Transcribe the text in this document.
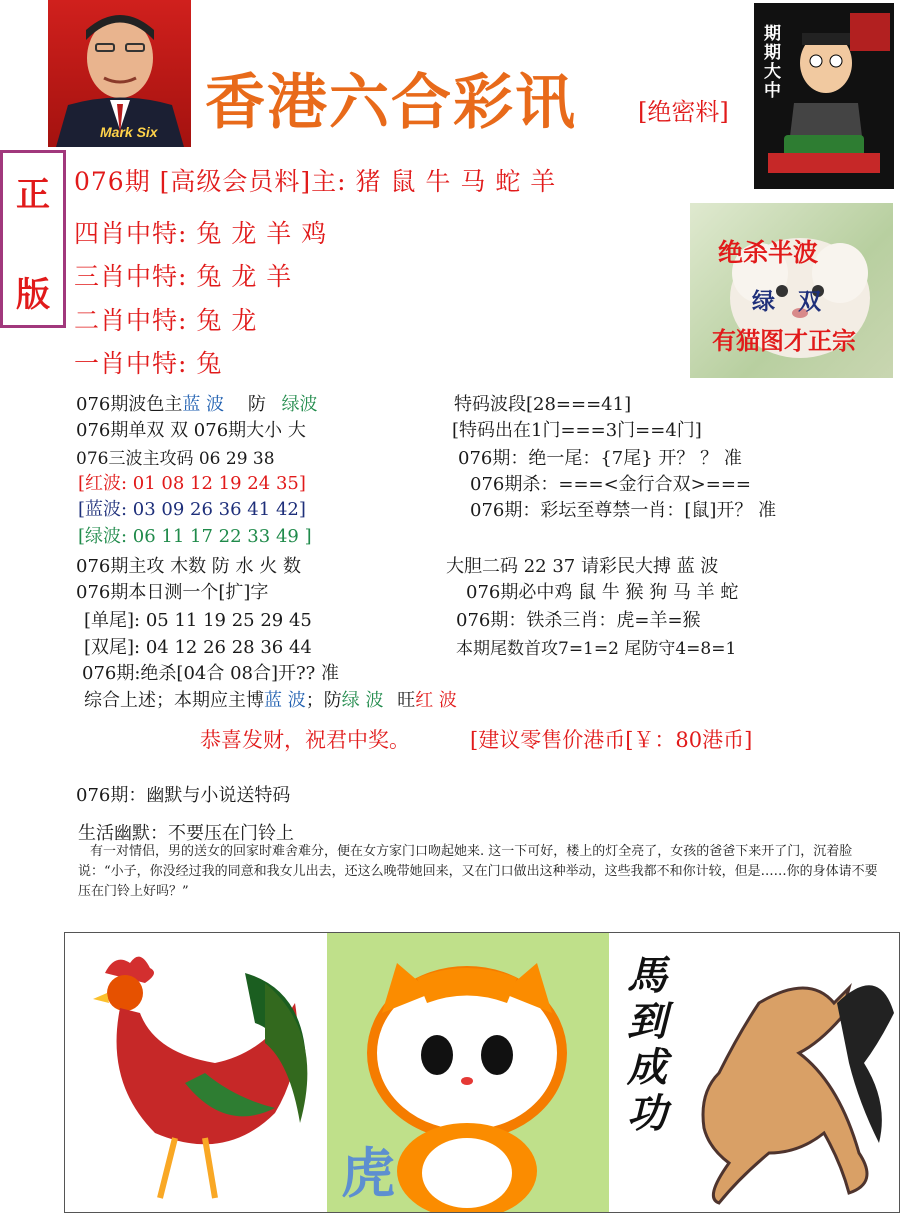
Mark Six 香港六合彩讯	[绝密料]
期期大中
正
版
076期 [高级会员料]主: 猪 鼠 牛 马 蛇 羊
四肖中特: 兔 龙 羊 鸡
三肖中特: 兔 龙 羊
二肖中特: 兔 龙
一肖中特: 兔
绝杀半波
绿　双
有猫图才正宗
076期波色主蓝 波 防 绿波
076期单双 双 076期大小 大
076三波主攻码 06 29 38
[红波: 01 08 12 19 24 35]
[蓝波: 03 09 26 36 41 42]
[绿波: 06 11 17 22 33 49 ]
076期主攻 木数 防 水 火 数
076期本日测一个[扩]字
[单尾]: 05 11 19 25 29 45
[双尾]: 04 12 26 28 36 44
076期:绝杀[04合 08合]开?? 准
综合上述；本期应主博蓝 波；防绿 波 旺红 波
特码波段[28===41]
[特码出在1门===3门==4门]
076期：绝一尾：{7尾} 开？ ？ 准
076期杀：===<金行合双>===
076期：彩坛至尊禁一肖：[鼠]开？ 准
大胆二码 22 37 请彩民大搏 蓝 波
076期必中鸡 鼠 牛 猴 狗 马 羊 蛇
076期：铁杀三肖：虎=羊=猴
本期尾数首攻7=1=2 尾防守4=8=1
恭喜发财，祝君中奖。	[建议零售价港币[￥：80港币]
076期：幽默与小说送特码
生活幽默：不要压在门铃上
有一对情侣，男的送女的回家时难舍难分，便在女方家门口吻起她来. 这一下可好，楼上的灯全亮了，女孩的爸爸下来开了门，沉着脸说：“小子，你没经过我的同意和我女儿出去，还这么晚带她回来，又在门口做出这种举动，这些我都不和你计较，但是……你的身体请不要压在门铃上好吗？”
虎
馬到成功
